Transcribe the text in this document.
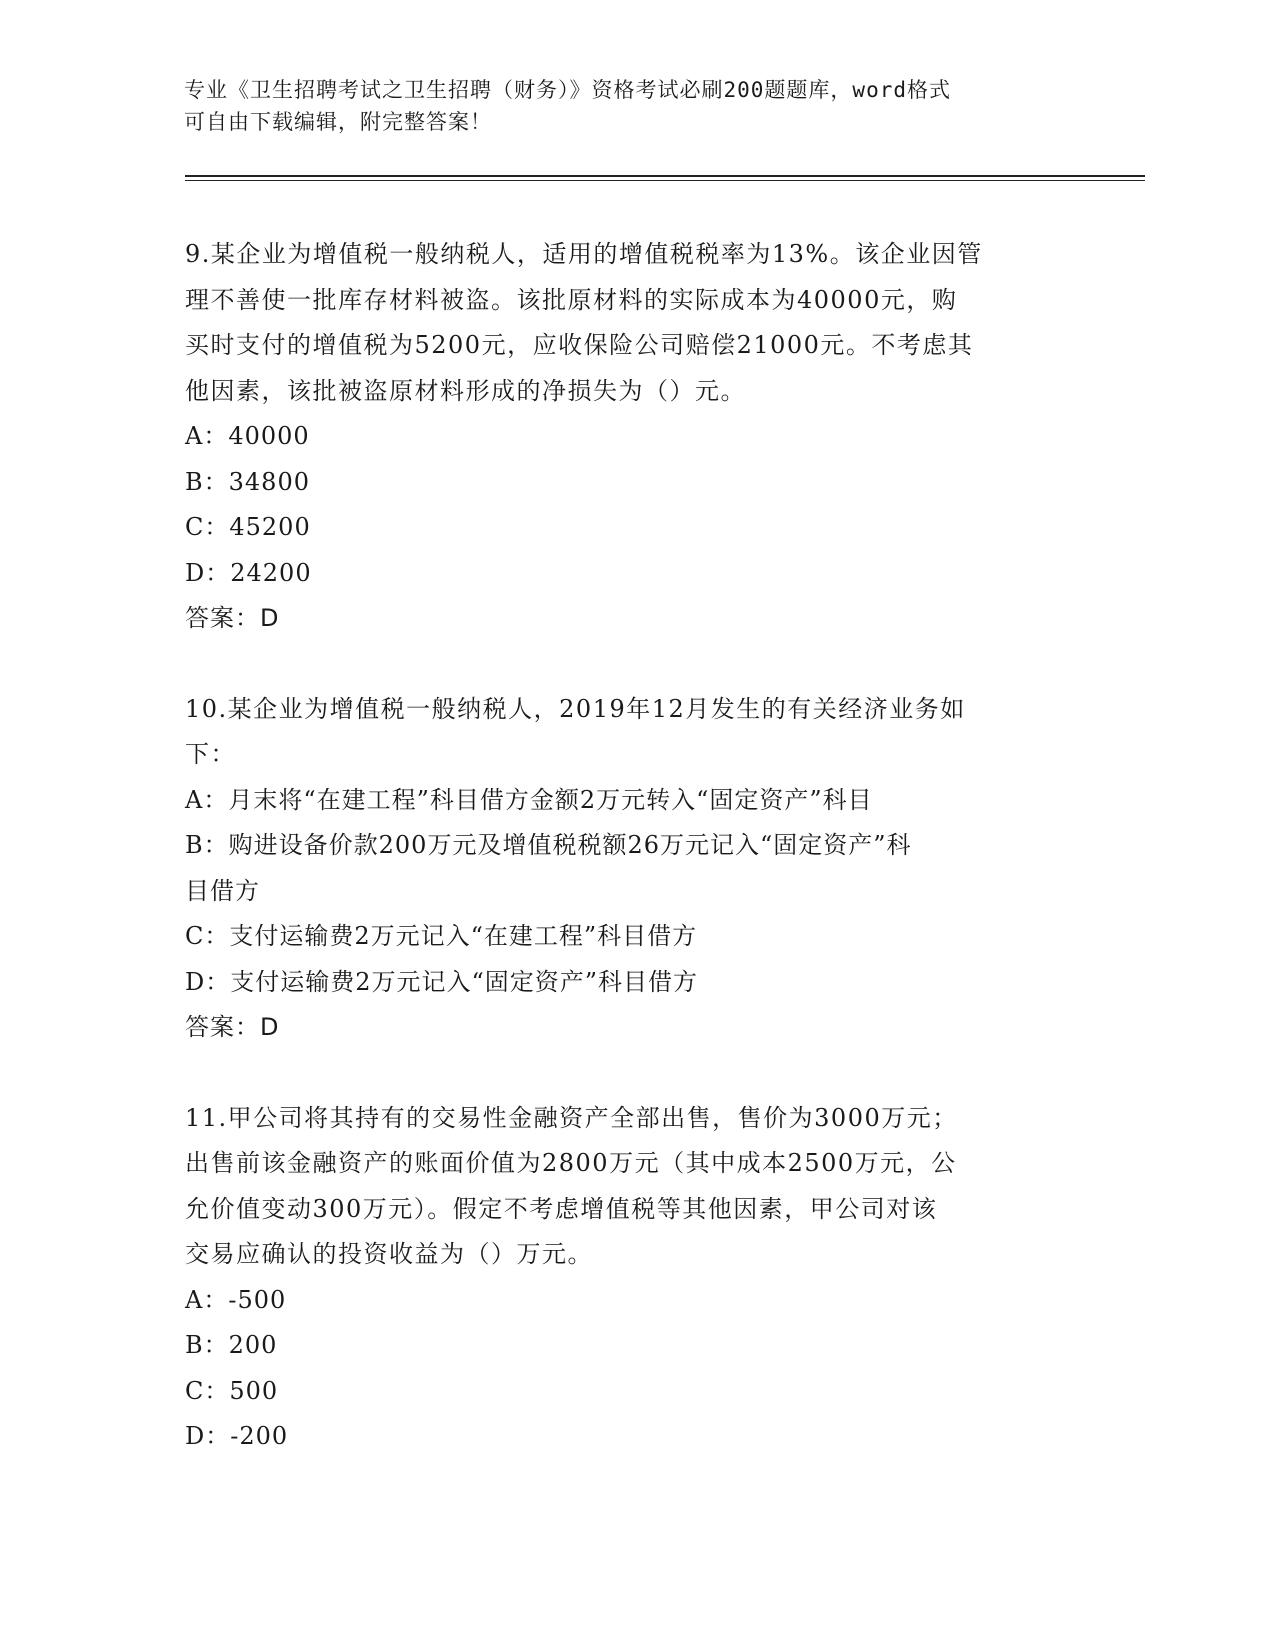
专业《卫生招聘考试之卫生招聘（财务）》资格考试必刷200题题库，word格式
可自由下载编辑，附完整答案！
9.某企业为增值税一般纳税人，适用的增值税税率为13%。该企业因管
理不善使一批库存材料被盗。该批原材料的实际成本为40000元，购
买时支付的增值税为5200元，应收保险公司赔偿21000元。不考虑其
他因素，该批被盗原材料形成的净损失为（）元。
A：40000
B：34800
C：45200
D：24200
答案：D
10.某企业为增值税一般纳税人，2019年12月发生的有关经济业务如
下：
A：月末将“在建工程”科目借方金额2万元转入“固定资产”科目
B：购进设备价款200万元及增值税税额26万元记入“固定资产”科
目借方
C：支付运输费2万元记入“在建工程”科目借方
D：支付运输费2万元记入“固定资产”科目借方
答案：D
11.甲公司将其持有的交易性金融资产全部出售，售价为3000万元；
出售前该金融资产的账面价值为2800万元（其中成本2500万元，公
允价值变动300万元）。假定不考虑增值税等其他因素，甲公司对该
交易应确认的投资收益为（）万元。
A：-500
B：200
C：500
D：-200
